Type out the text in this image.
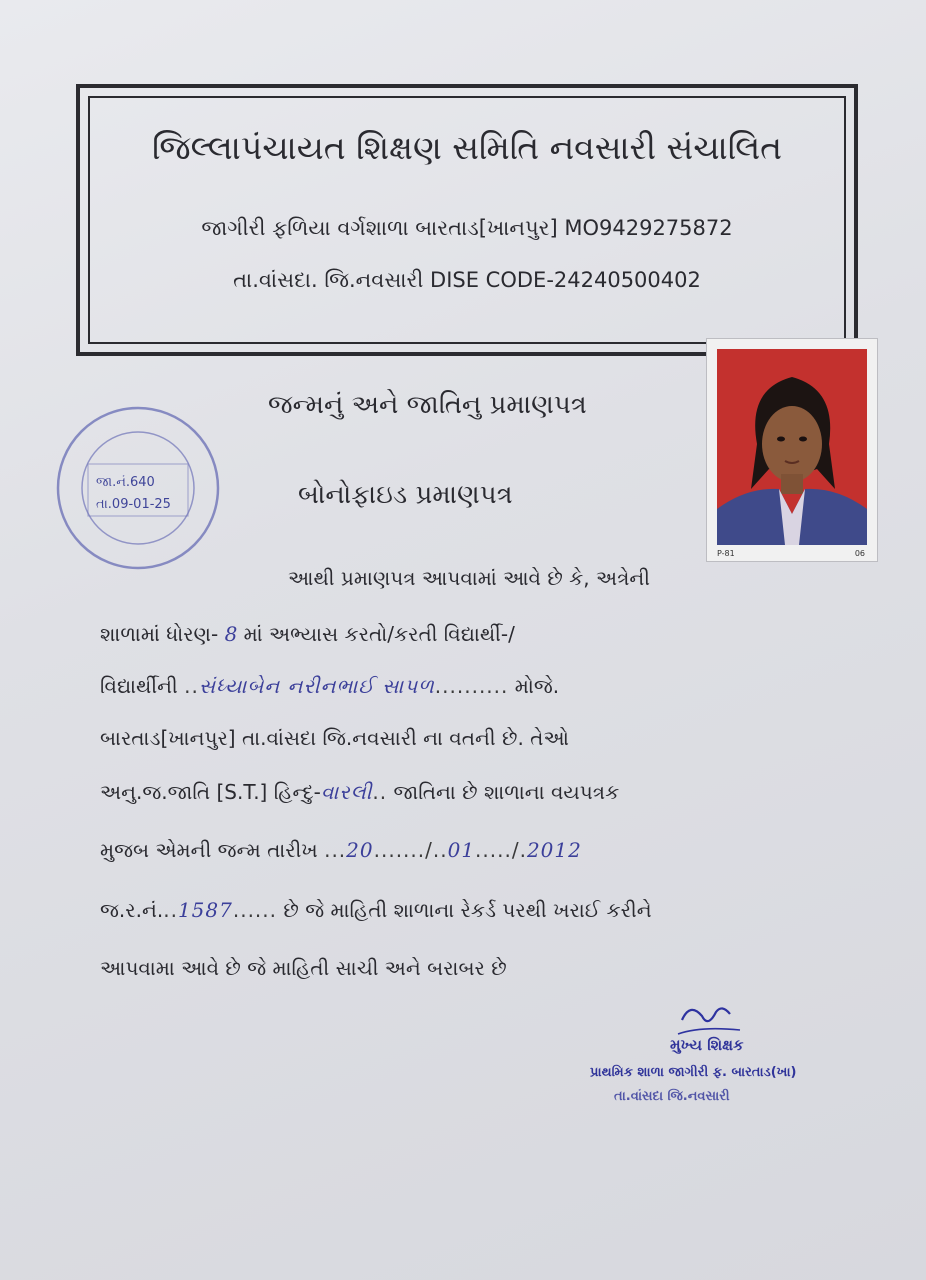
જિલ્લાપંચાયત શિક્ષણ સમિતિ નવસારી સંચાલિત
જાગીરી ફળિયા વર્ગશાળા બારતાડ[ખાનપુર] MO9429275872
તા.વાંસદા. જિ.નવસારી DISE CODE-24240500402
P-81	06
જા.નં.640
તા.09-01-25
જન્મનું અને જાતિનુ પ્રમાણપત્ર
બોનોફાઇડ પ્રમાણપત્ર
આથી પ્રમાણપત્ર આપવામાં આવે છે કે, અત્રેની
શાળામાં ધોરણ- 8 માં અભ્યાસ કરતો/કરતી વિદ્યાર્થી-/
વિદ્યાર્થીની ..સંધ્યાબેન નરીનભાઈ સાપળ.......... મોજે.
બારતાડ[ખાનપુર] તા.વાંસદા જિ.નવસારી ના વતની છે. તેઓ
અનુ.જ.જાતિ [S.T.] હિન્દુ-વારલી.. જાતિના છે શાળાના વયપત્રક
મુજબ એમની જન્મ તારીખ ...20......./..01...../.2012
જ.ર.નં...1587...... છે જે માહિતી શાળાના રેકર્ડ પરથી ખરાઈ કરીને
આપવામા આવે છે જે માહિતી સાચી અને બરાબર છે
મુખ્ય શિક્ષક
પ્રાથમિક શાળા જાગીરી ફ. બારતાડ(ખા)
તા.વાંસદા જિ.નવસારી
